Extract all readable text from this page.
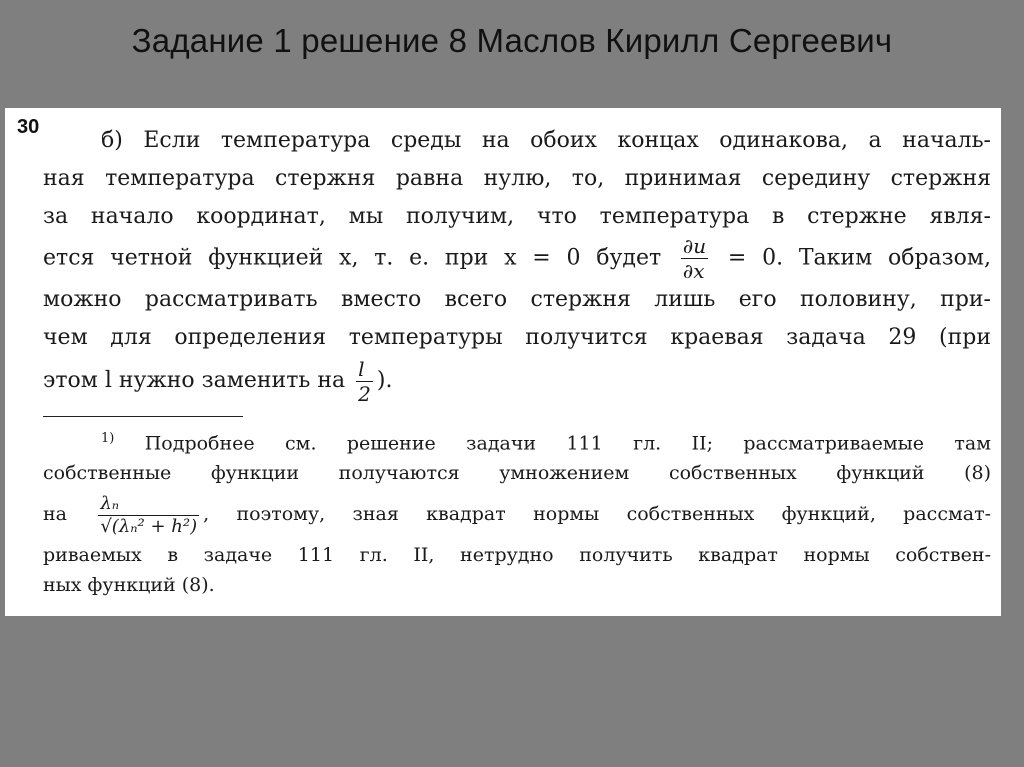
Задание 1 решение 8 Маслов Кирилл Сергеевич
30
б) Если температура среды на обоих концах одинакова, а началь-
ная температура стержня равна нулю, то, принимая середину стержня
за начало координат, мы получим, что температура в стержне явля-
ется четной функцией x, т. е. при x = 0 будет $\frac{\partial u}{\partial x} = 0$. Таким образом,
можно рассматривать вместо всего стержня лишь его половину, при-
чем для определения температуры получится краевая задача 29 (при
этом l нужно заменить на $\frac{l}{2}$ ).
$^{1)}$ Подробнее см. решение задачи 111 гл. II; рассматриваемые там
собственные функции получаются умножением собственных функций (8)
на $\frac{\text{λₙ}}{\text{√(λₙ² + h²)}}$ , поэтому, зная квадрат нормы собственных функций, рассмат-
риваемых в задаче 111 гл. II, нетрудно получить квадрат нормы собствен-
ных функций (8).
